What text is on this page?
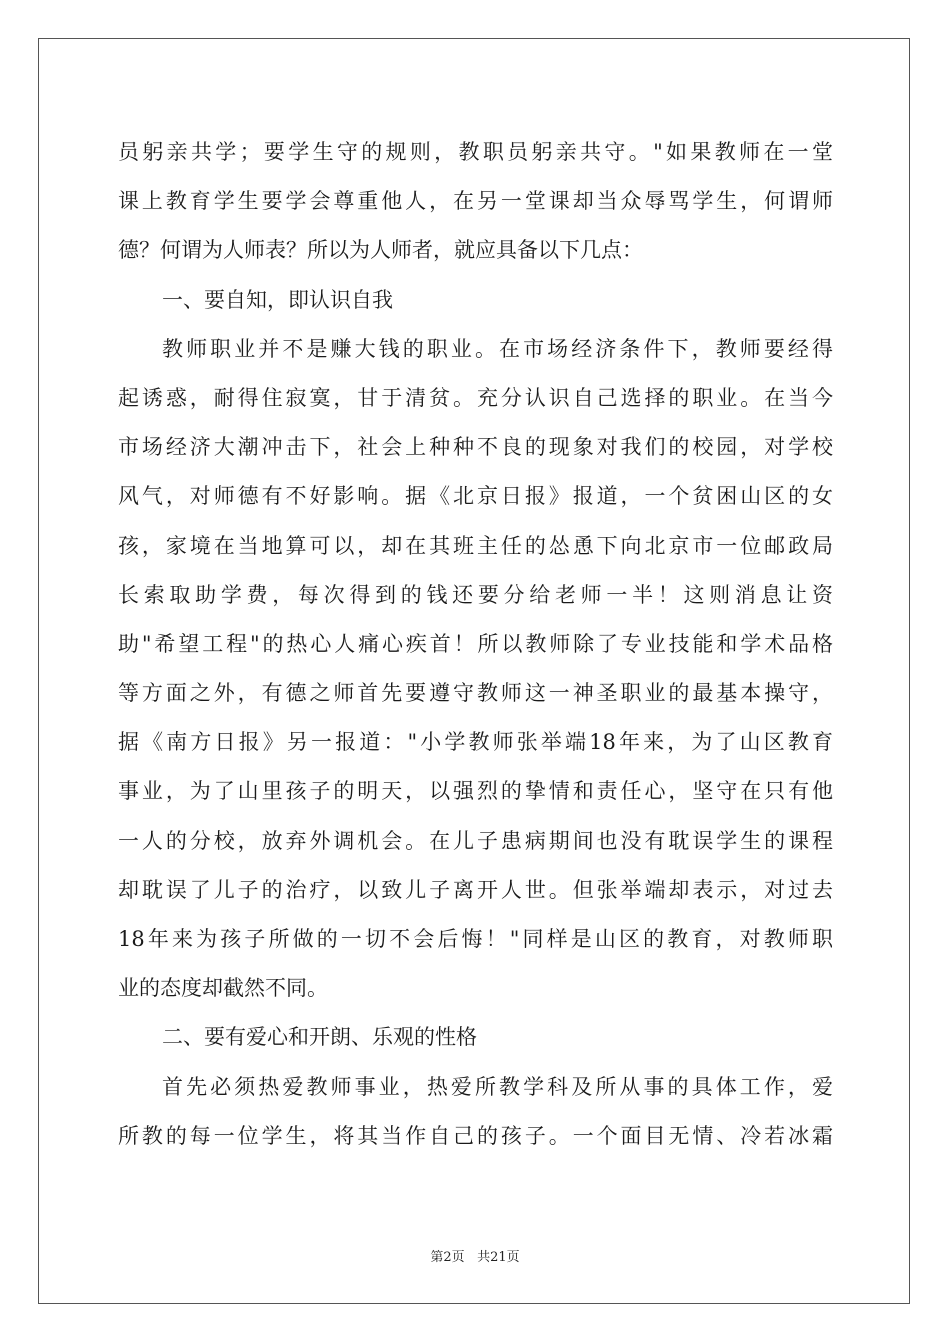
员躬亲共学；要学生守的规则，教职员躬亲共守。"如果教师在一堂
课上教育学生要学会尊重他人，在另一堂课却当众辱骂学生，何谓师
德？何谓为人师表？所以为人师者，就应具备以下几点：
一、要自知，即认识自我
教师职业并不是赚大钱的职业。在市场经济条件下，教师要经得
起诱惑，耐得住寂寞，甘于清贫。充分认识自己选择的职业。在当今
市场经济大潮冲击下，社会上种种不良的现象对我们的校园，对学校
风气，对师德有不好影响。据《北京日报》报道，一个贫困山区的女
孩，家境在当地算可以，却在其班主任的怂恿下向北京市一位邮政局
长索取助学费，每次得到的钱还要分给老师一半！这则消息让资
助"希望工程"的热心人痛心疾首！所以教师除了专业技能和学术品格
等方面之外，有德之师首先要遵守教师这一神圣职业的最基本操守，
据《南方日报》另一报道："小学教师张举端18年来，为了山区教育
事业，为了山里孩子的明天，以强烈的挚情和责任心，坚守在只有他
一人的分校，放弃外调机会。在儿子患病期间也没有耽误学生的课程
却耽误了儿子的治疗，以致儿子离开人世。但张举端却表示，对过去
18年来为孩子所做的一切不会后悔！"同样是山区的教育，对教师职
业的态度却截然不同。
二、要有爱心和开朗、乐观的性格
首先必须热爱教师事业，热爱所教学科及所从事的具体工作，爱
所教的每一位学生，将其当作自己的孩子。一个面目无情、冷若冰霜
第2页 共21页
